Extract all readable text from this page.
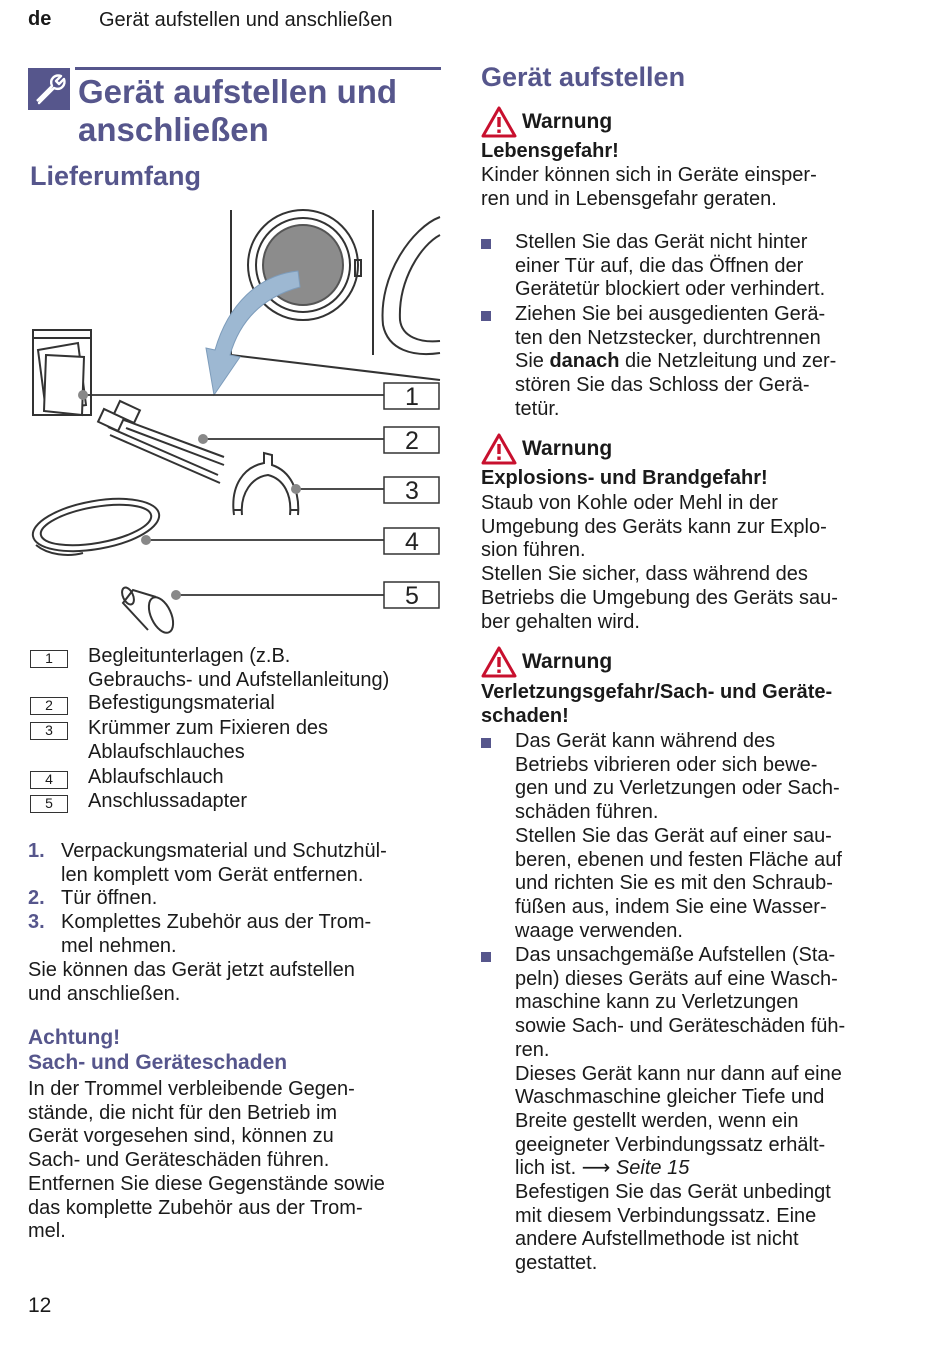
de Gerät aufstellen und anschließen
Gerät aufstellen und
anschließen
Lieferumfang
1
2
3
4
5
1	Begleitunterlagen (z.B.
Gebrauchs- und Aufstellanleitung)
2	Befestigungsmaterial
3	Krümmer zum Fixieren des
Ablaufschlauches
4	Ablaufschlauch
5	Anschlussadapter
1. Verpackungsmaterial und Schutzhül-
len komplett vom Gerät entfernen.
2. Tür öffnen.
3. Komplettes Zubehör aus der Trom-
mel nehmen.

Sie können das Gerät jetzt aufstellen

und anschließen.

Achtung!
Sach- und Geräteschaden

In der Trommel verbleibende Gegen-

stände, die nicht für den Betrieb im

Gerät vorgesehen sind, können zu

Sach- und Geräteschäden führen.

Entfernen Sie diese Gegenstände sowie

das komplette Zubehör aus der Trom-

mel.

Gerät aufstellen
Warnung
Lebensgefahr!

Kinder können sich in Geräte einsper-

ren und in Lebensgefahr geraten.

Stellen Sie das Gerät nicht hinter
einer Tür auf, die das Öffnen der
Gerätetür blockiert oder verhindert.
Ziehen Sie bei ausgedienten Gerä-
ten den Netzstecker, durchtrennen
Sie danach die Netzleitung und zer-
stören Sie das Schloss der Gerä-
tetür.
Warnung
Explosions- und Brandgefahr!

Staub von Kohle oder Mehl in der

Umgebung des Geräts kann zur Explo-

sion führen.

Stellen Sie sicher, dass während des

Betriebs die Umgebung des Geräts sau-

ber gehalten wird.

Warnung
Verletzungsgefahr/Sach- und Geräte-
schaden!
Das Gerät kann während des
Betriebs vibrieren oder sich bewe-
gen und zu Verletzungen oder Sach-
schäden führen.
Stellen Sie das Gerät auf einer sau-
beren, ebenen und festen Fläche auf
und richten Sie es mit den Schraub-
füßen aus, indem Sie eine Wasser-
waage verwenden.
Das unsachgemäße Aufstellen (Sta-
peln) dieses Geräts auf eine Wasch-
maschine kann zu Verletzungen
sowie Sach- und Geräteschäden füh-
ren.
Dieses Gerät kann nur dann auf eine
Waschmaschine gleicher Tiefe und
Breite gestellt werden, wenn ein
geeigneter Verbindungssatz erhält-
lich ist. ⟶ Seite 15
Befestigen Sie das Gerät unbedingt
mit diesem Verbindungssatz. Eine
andere Aufstellmethode ist nicht
gestattet.
12
